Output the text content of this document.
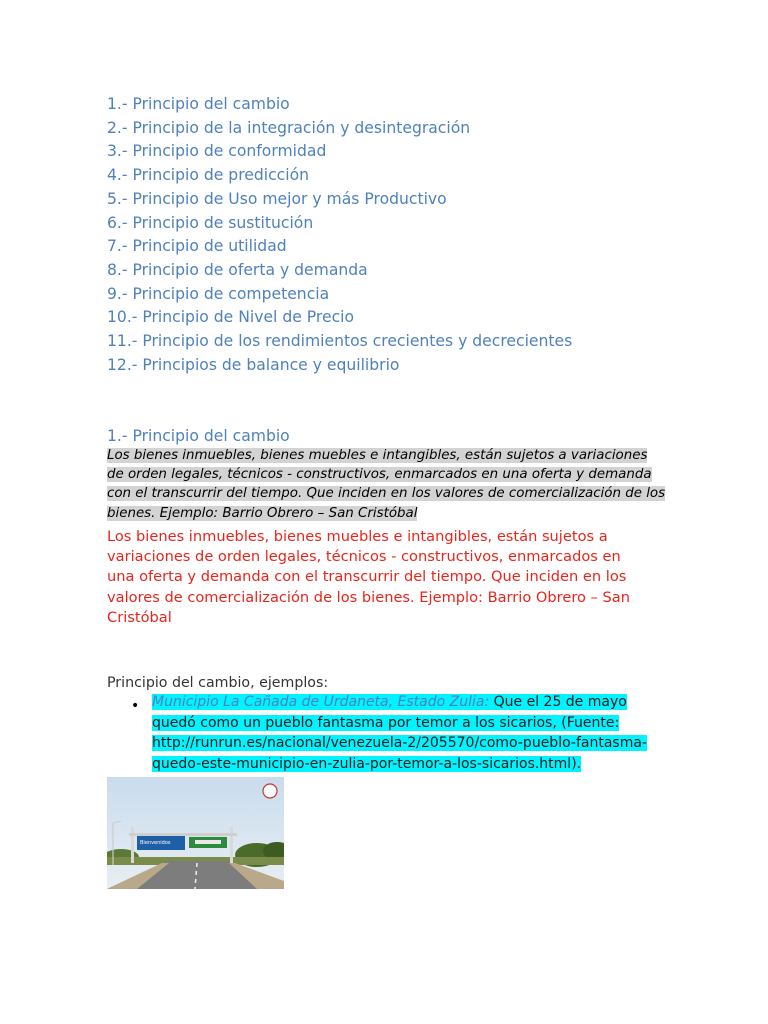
1.- Principio del cambio
2.- Principio de la integración y desintegración
3.- Principio de conformidad
4.- Principio de predicción
5.- Principio de Uso mejor y más Productivo
6.- Principio de sustitución
7.- Principio de utilidad
8.- Principio de oferta y demanda
9.- Principio de competencia
10.- Principio de Nivel de Precio
11.- Principio de los rendimientos crecientes y decrecientes
12.- Principios de balance y equilibrio
1.- Principio del cambio

Los bienes inmuebles, bienes muebles e intangibles, están sujetos a variaciones de orden legales, técnicos - constructivos, enmarcados en una oferta y demanda con el transcurrir del tiempo. Que inciden en los valores de comercialización de los bienes. Ejemplo: Barrio Obrero – San Cristóbal

Los bienes inmuebles, bienes muebles e intangibles, están sujetos a variaciones de orden legales, técnicos - constructivos, enmarcados en una oferta y demanda con el transcurrir del tiempo. Que inciden en los valores de comercialización de los bienes. Ejemplo: Barrio Obrero – San Cristóbal

Principio del cambio, ejemplos:
• Municipio La Cañada de Urdaneta, Estado Zulia: Que el 25 de mayo quedó como un pueblo fantasma por temor a los sicarios, (Fuente: http://runrun.es/nacional/venezuela-2/205570/como-pueblo-fantasma-quedo-este-municipio-en-zulia-por-temor-a-los-sicarios.html).

Bienvenidos
